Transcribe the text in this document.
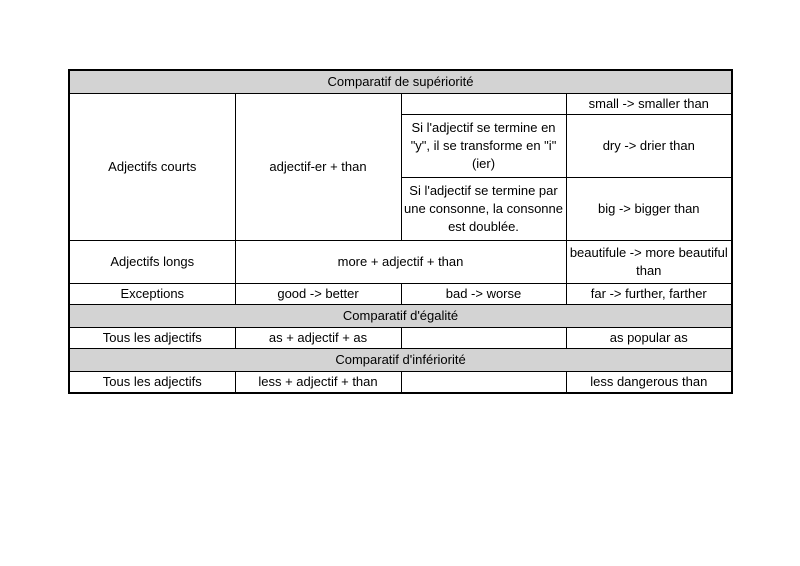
Comparatif de supériorité			
Adjectifs courts	adjectif-er + than		small -> smaller than
		Si l'adjectif se termine en "y", il se transforme en "i" (ier)	dry -> drier than
		Si l'adjectif se termine par une consonne, la consonne est doublée.	big -> bigger than
Adjectifs longs	more + adjectif + than		beautifule -> more beautiful than
Exceptions	good -> better	bad -> worse	far -> further, farther
Comparatif d'égalité			
Tous les adjectifs	as + adjectif + as		as popular as
Comparatif d'infériorité			
Tous les adjectifs	less + adjectif + than		less dangerous than
